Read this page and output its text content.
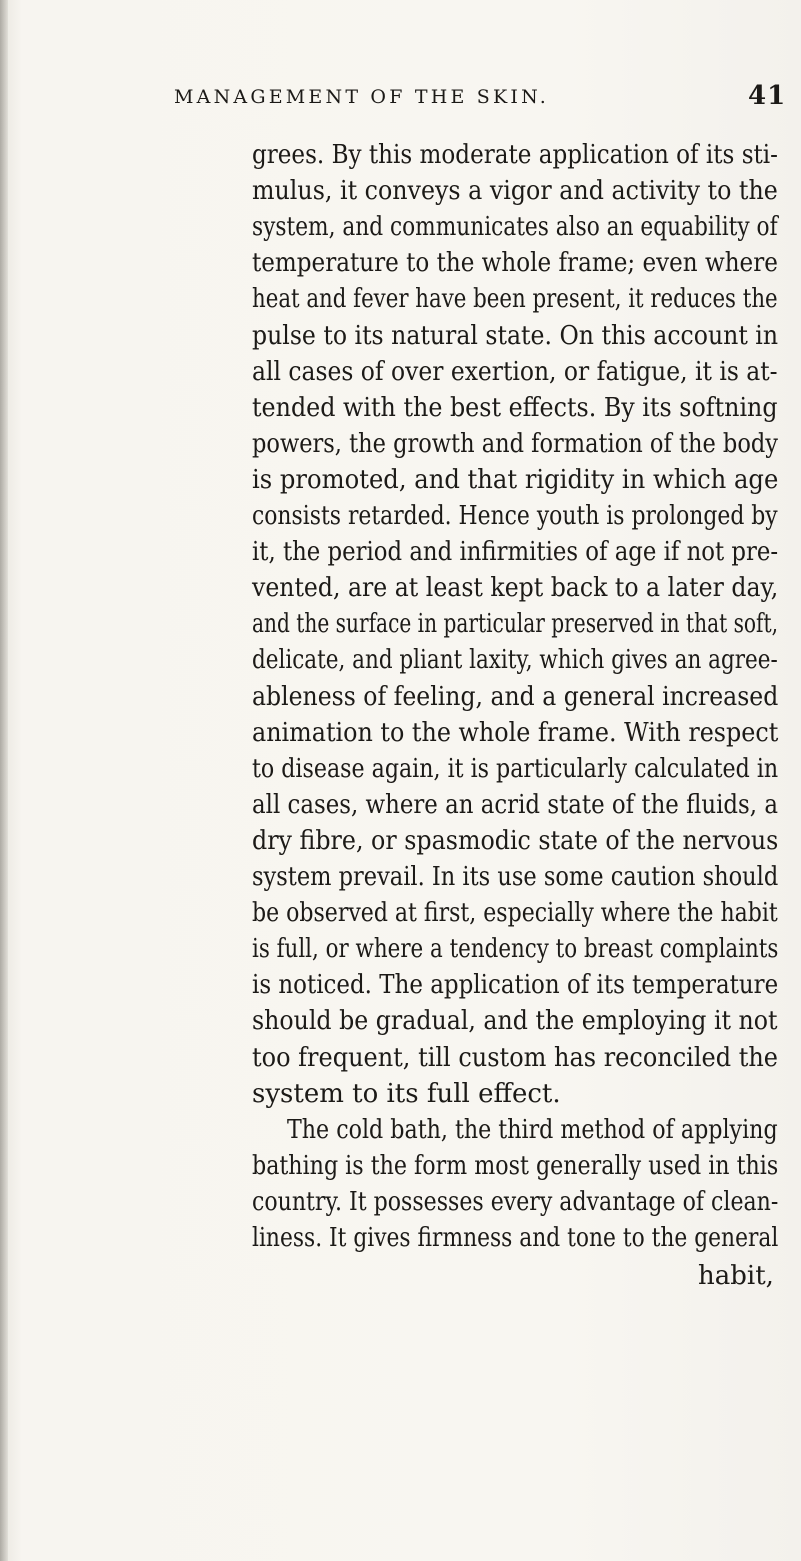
MANAGEMENT OF THE SKIN.	41
grees. By this moderate application of its sti-
mulus, it conveys a vigor and activity to the
system, and communicates also an equability of
temperature to the whole frame; even where
heat and fever have been present, it reduces the
pulse to its natural state. On this account in
all cases of over exertion, or fatigue, it is at-
tended with the best effects. By its softning
powers, the growth and formation of the body
is promoted, and that rigidity in which age
consists retarded. Hence youth is prolonged by
it, the period and infirmities of age if not pre-
vented, are at least kept back to a later day,
and the surface in particular preserved in that soft,
delicate, and pliant laxity, which gives an agree-
ableness of feeling, and a general increased
animation to the whole frame. With respect
to disease again, it is particularly calculated in
all cases, where an acrid state of the fluids, a
dry fibre, or spasmodic state of the nervous
system prevail. In its use some caution should
be observed at first, especially where the habit
is full, or where a tendency to breast complaints
is noticed. The application of its temperature
should be gradual, and the employing it not
too frequent, till custom has reconciled the
system to its full effect.
The cold bath, the third method of applying
bathing is the form most generally used in this
country. It possesses every advantage of clean-
liness. It gives firmness and tone to the general
habit,
